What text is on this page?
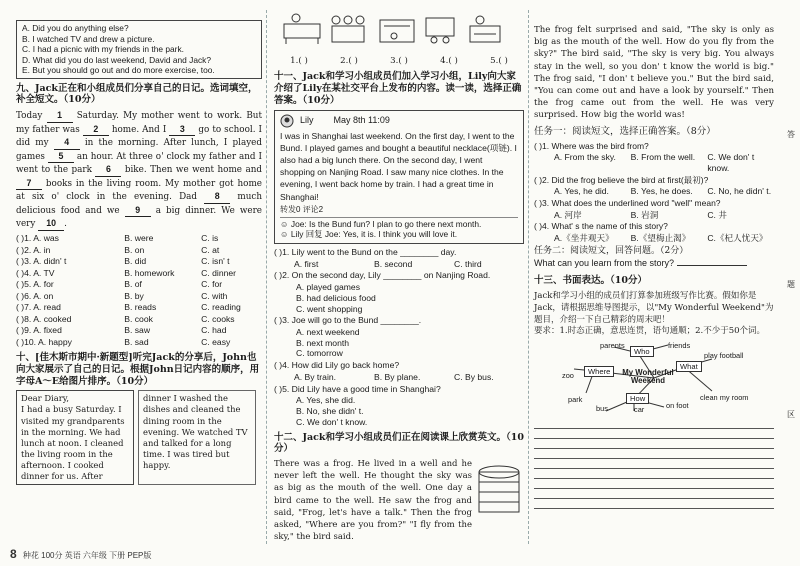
A. Did you do anything else?
B. I watched TV and drew a picture.
C. I had a picnic with my friends in the park.
D. What did you do last weekend, David and Jack?
E. But you should go out and do more exercise, too.
九、Jack正在和小组成员们分享自己的日记。选词填空，补全短文。（10分）
Today 1 Saturday. My mother went to work. But my father was 2 home. And I 3 go to school. I did my 4 in the morning. After lunch, I played games 5 an hour. At three o' clock my father and I went to the park 6 bike. Then we went home and 7 books in the living room. My mother got home at six o' clock in the evening. Dad 8 much delicious food and we 9 a big dinner. We were very 10 .
( )1. A. was	B. were	C. is
( )2. A. in	B. on	C. at
( )3. A. didn' t	B. did	C. isn' t
( )4. A. TV	B. homework	C. dinner
( )5. A. for	B. of	C. for
( )6. A. on	B. by	C. with
( )7. A. read	B. reads	C. reading
( )8. A. cooked	B. cook	C. cooks
( )9. A. fixed	B. saw	C. had
( )10. A. happy	B. sad	C. easy
十、[佳木斯市期中·新题型]听完Jack的分享后，John也向大家展示了自己的日记。根据John日记内容的顺序，用字母A～E给图片排序。（10分）
Dear Diary,
I had a busy Saturday. I visited my grandparents in the morning. We had lunch at noon. I cleaned the living room in the afternoon. I cooked dinner for us. After
dinner I washed the dishes and cleaned the dining room in the evening. We watched TV and talked for a long time. I was tired but happy.
1.( )	2.( )	3.( )	4.( )	5.( )
十一、Jack和学习小组成员们加入学习小组，Lily向大家介绍了Lily在某社交平台上发布的内容。读一读，选择正确答案。（10分）
Lily May 8th 11:09
I was in Shanghai last weekend. On the first day, I went to the Bund. I played games and bought a beautiful necklace(项链). I also had a big lunch there. On the second day, I went shopping on Nanjing Road. I saw many nice clothes. In the evening, I went back home by train. I had a great time in Shanghai!
转发0 评论2
☺ Joe: Is the Bund fun? I plan to go there next month.
☺ Lily 回复 Joe: Yes, it is. I think you will love it.
( )1. Lily went to the Bund on the ________ day.
A. first	B. second	C. third
( )2. On the second day, Lily ________ on Nanjing Road.
A. played games
B. had delicious food
C. went shopping
( )3. Joe will go to the Bund ________.
A. next weekend
B. next month
C. tomorrow
( )4. How did Lily go back home?
A. By train.	B. By plane.	C. By bus.
( )5. Did Lily have a good time in Shanghai?
A. Yes, she did.
B. No, she didn' t.
C. We don' t know.
十二、Jack和学习小组成员们正在阅读课上欣赏英文。（10分）
There was a frog. He lived in a well and he never left the well. He thought the sky was as big as the mouth of the well. One day a bird came to the well. He saw the frog and said, "Frog, let's have a talk." Then the frog asked, "Where are you from?" "I fly from the sky," the bird said.
The frog felt surprised and said, "The sky is only as big as the mouth of the well. How do you fly from the sky?" The bird said, "The sky is very big. You always stay in the well, so you don' t know the world is big." The frog said, "I don' t believe you." But the bird said, "You can come out and have a look by yourself." Then the frog came out from the well. He was very surprised. How big the world was!
任务一：阅读短文，选择正确答案。（8分）
( )1. Where was the bird from?
A. From the sky.	B. From the well. C. We don' t know.
( )2. Did the frog believe the bird at first(最初)?
A. Yes, he did.	B. Yes, he does.	C. No, he didn' t.
( )3. What does the underlined word "well" mean?
A. 河岸	B. 岩洞	C. 井
( )4. What' s the name of this story?
A.《坐井观天》	B.《望梅止渴》	C.《杞人忧天》
任务二：阅读短文，回答问题。（2分）
What can you learn from the story?
十三、书面表达。（10分）
Jack和学习小组的成员们打算参加班级写作比赛。假如你是Jack，请根据思维导图提示，以"My Wonderful Weekend"为题目，介绍一下自己精彩的周末吧！
要求：1.时态正确，意思连贯，语句通顺；2.不少于50个词。
Who
Where
What
How
My Wonderful Weekend
parents	friends
zoo
park
play football
clean my room
bus	car	on foot
答
题
区
8 种花 100分 英语 六年级 下册 PEP版
